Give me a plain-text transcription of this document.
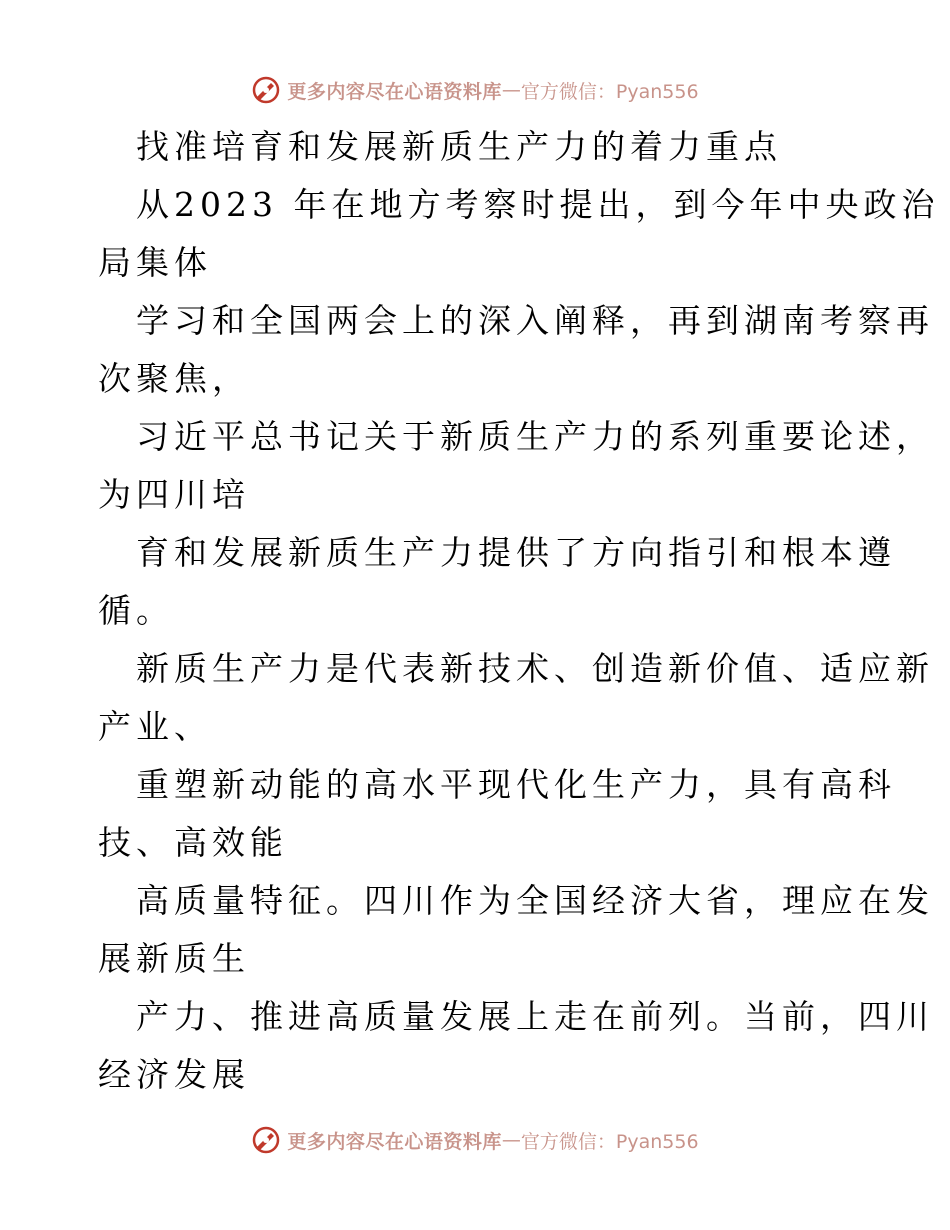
更多内容尽在心语资料库 — 官方微信：Pyan556
找准培育和发展新质生产力的着力重点
从2023 年在地方考察时提出，到今年中央政治
局集体
学习和全国两会上的深入阐释，再到湖南考察再
次聚焦，
习近平总书记关于新质生产力的系列重要论述，
为四川培
育和发展新质生产力提供了方向指引和根本遵
循。
新质生产力是代表新技术、创造新价值、适应新
产业、
重塑新动能的高水平现代化生产力，具有高科
技、高效能
高质量特征。四川作为全国经济大省，理应在发
展新质生
产力、推进高质量发展上走在前列。当前，四川
经济发展
更多内容尽在心语资料库 — 官方微信：Pyan556
